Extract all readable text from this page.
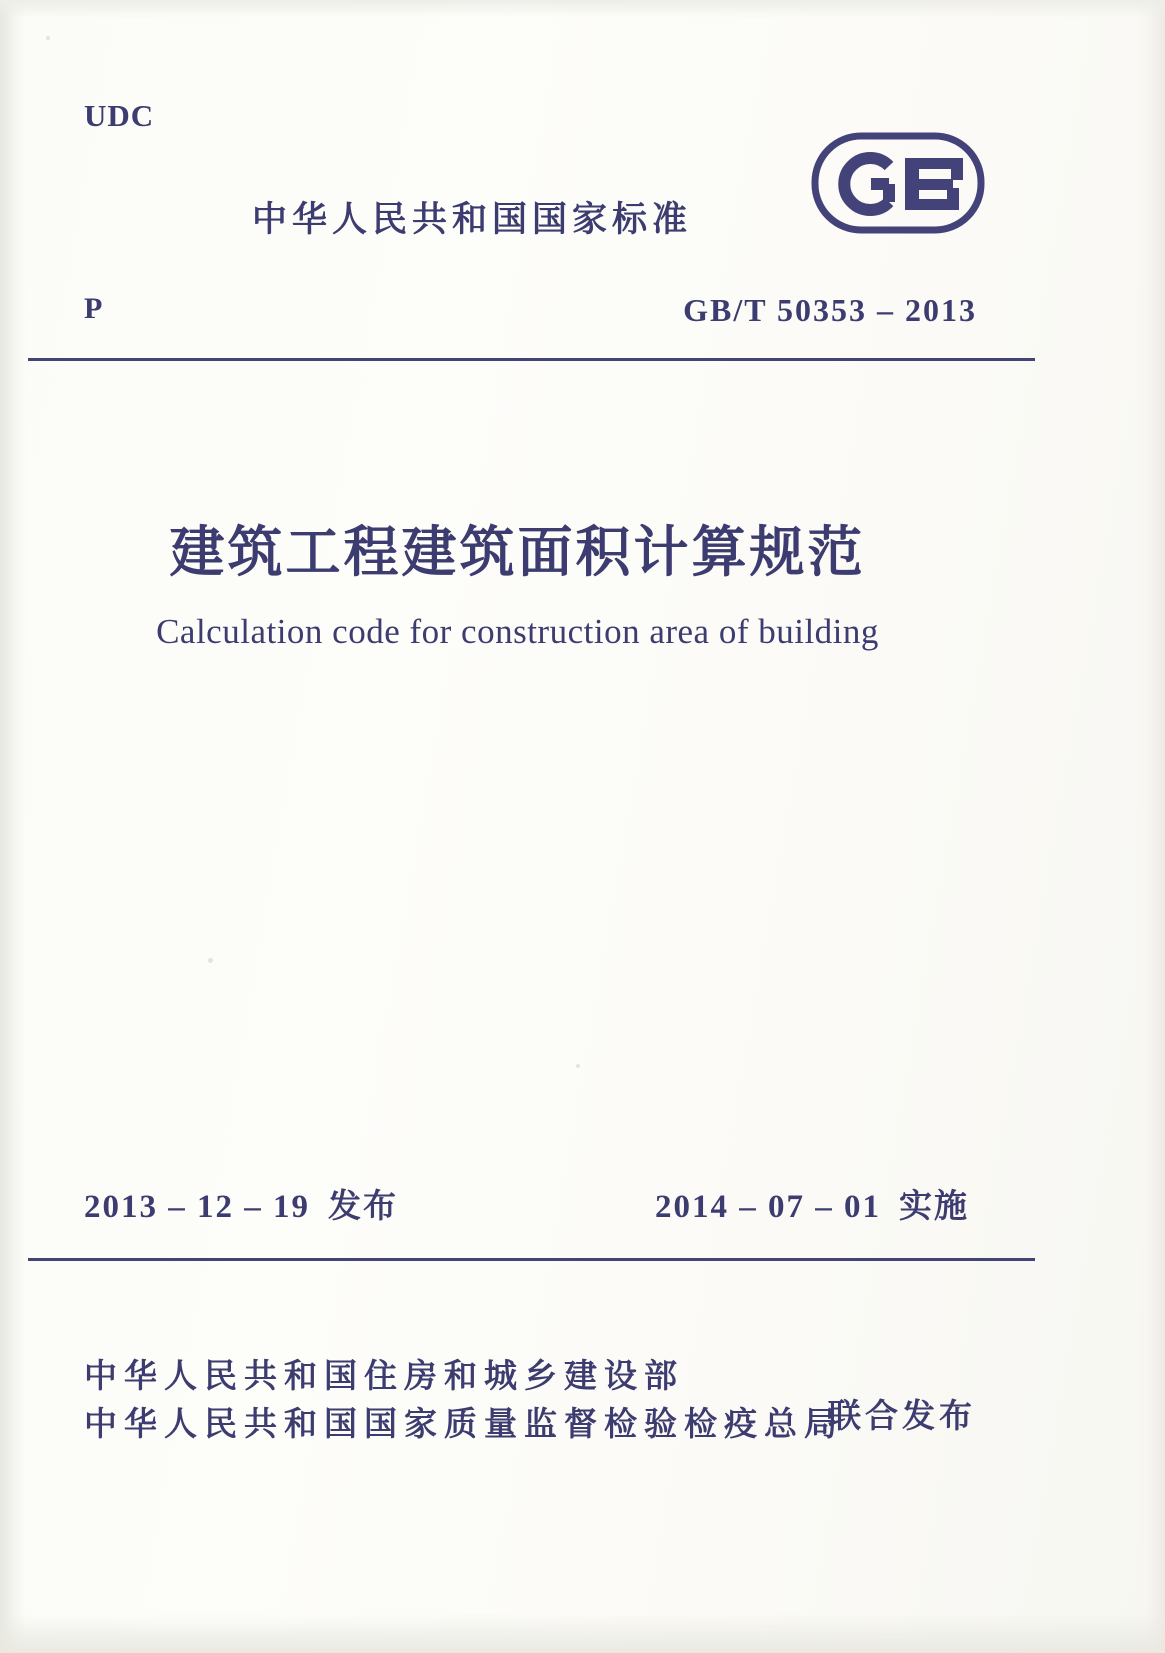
UDC
中华人民共和国国家标准
P	GB/T 50353 – 2013
建筑工程建筑面积计算规范
Calculation code for construction area of building
2013 – 12 – 19 发布	2014 – 07 – 01 实施
中华人民共和国住房和城乡建设部
中华人民共和国国家质量监督检验检疫总局
联合发布
